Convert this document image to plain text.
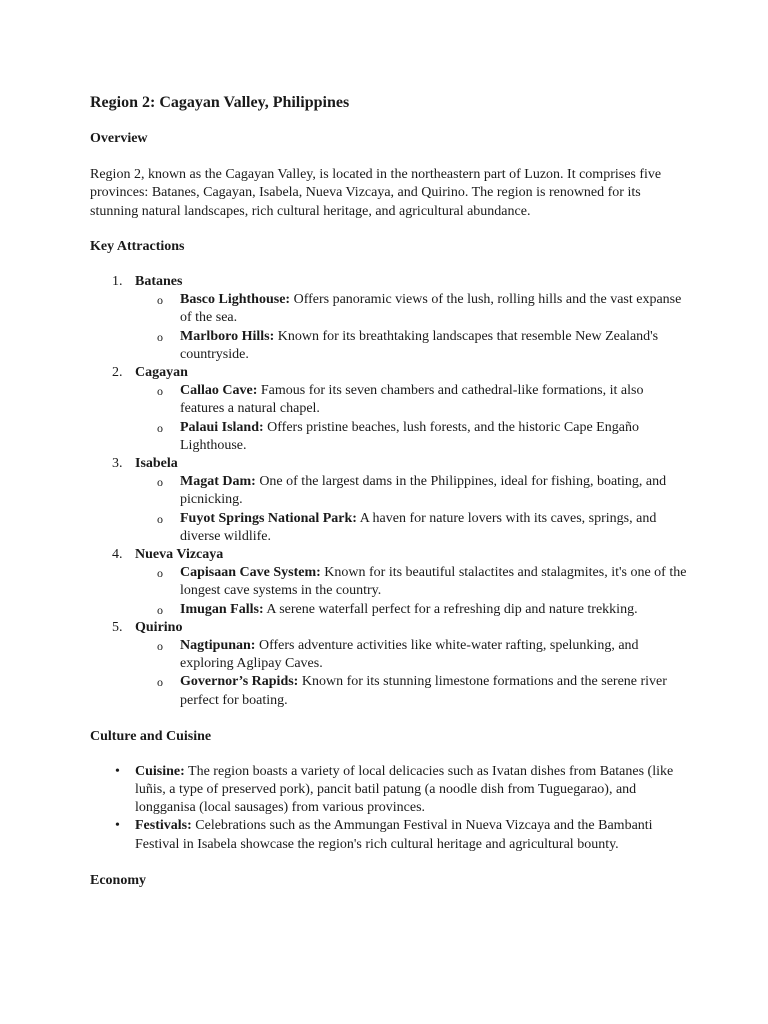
Region 2: Cagayan Valley, Philippines
Overview

Region 2, known as the Cagayan Valley, is located in the northeastern part of Luzon. It comprises five provinces: Batanes, Cagayan, Isabela, Nueva Vizcaya, and Quirino. The region is renowned for its stunning natural landscapes, rich cultural heritage, and agricultural abundance.

Key Attractions
1. Batanes
o Basco Lighthouse: Offers panoramic views of the lush, rolling hills and the vast expanse of the sea.
o Marlboro Hills: Known for its breathtaking landscapes that resemble New Zealand's countryside.
2. Cagayan
o Callao Cave: Famous for its seven chambers and cathedral-like formations, it also features a natural chapel.
o Palaui Island: Offers pristine beaches, lush forests, and the historic Cape Engaño Lighthouse.
3. Isabela
o Magat Dam: One of the largest dams in the Philippines, ideal for fishing, boating, and picnicking.
o Fuyot Springs National Park: A haven for nature lovers with its caves, springs, and diverse wildlife.
4. Nueva Vizcaya
o Capisaan Cave System: Known for its beautiful stalactites and stalagmites, it's one of the longest cave systems in the country.
o Imugan Falls: A serene waterfall perfect for a refreshing dip and nature trekking.
5. Quirino
o Nagtipunan: Offers adventure activities like white-water rafting, spelunking, and exploring Aglipay Caves.
o Governor’s Rapids: Known for its stunning limestone formations and the serene river perfect for boating.
Culture and Cuisine
• Cuisine: The region boasts a variety of local delicacies such as Ivatan dishes from Batanes (like luñis, a type of preserved pork), pancit batil patung (a noodle dish from Tuguegarao), and longganisa (local sausages) from various provinces.
• Festivals: Celebrations such as the Ammungan Festival in Nueva Vizcaya and the Bambanti Festival in Isabela showcase the region's rich cultural heritage and agricultural bounty.
Economy
